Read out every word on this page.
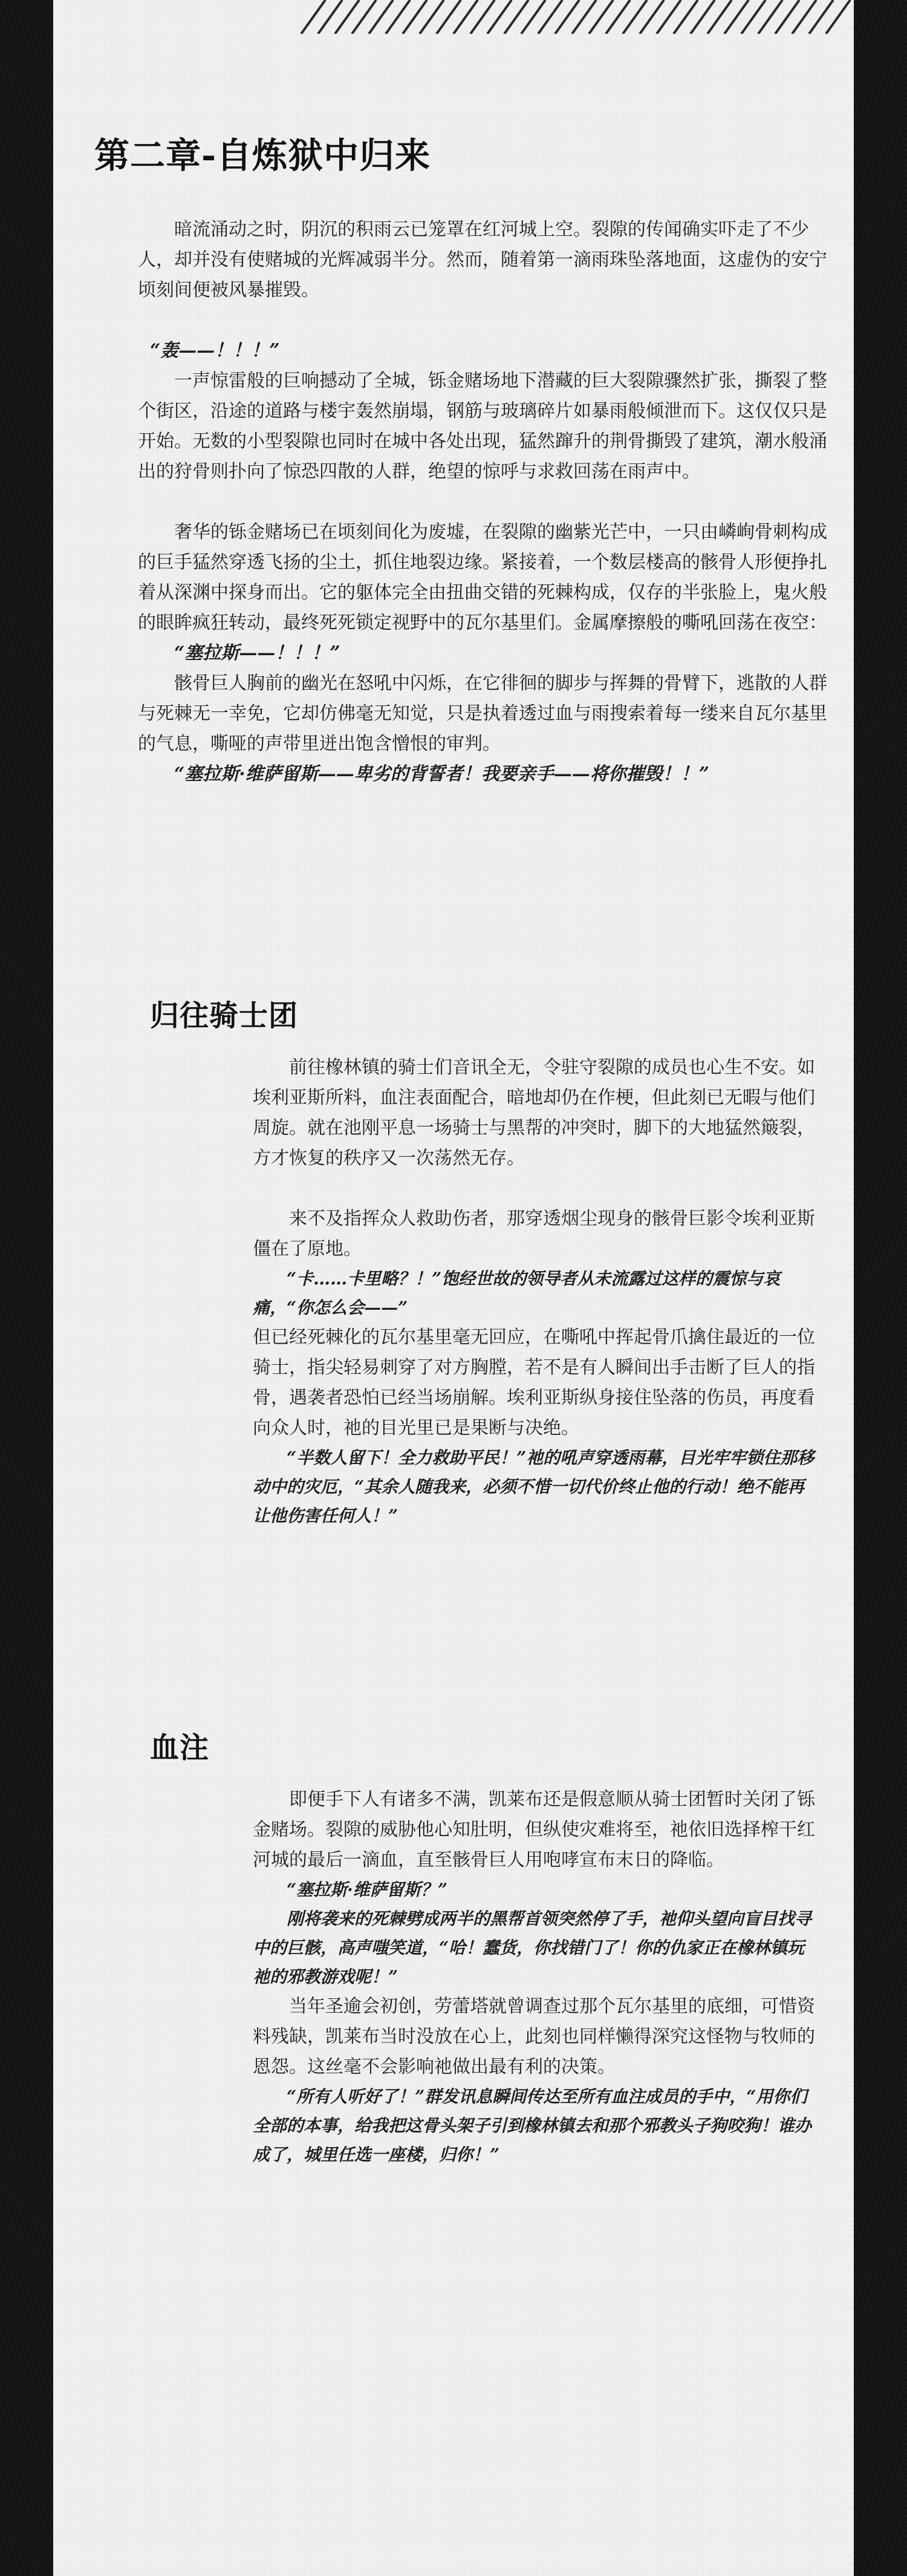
第二章-自炼狱中归来

暗流涌动之时，阴沉的积雨云已笼罩在红河城上空。裂隙的传闻确实吓走了不少人，却并没有使赌城的光辉减弱半分。然而，随着第一滴雨珠坠落地面，这虚伪的安宁顷刻间便被风暴摧毁。

“轰——！！！”

一声惊雷般的巨响撼动了全城，铄金赌场地下潜藏的巨大裂隙骤然扩张，撕裂了整个街区，沿途的道路与楼宇轰然崩塌，钢筋与玻璃碎片如暴雨般倾泄而下。这仅仅只是开始。无数的小型裂隙也同时在城中各处出现，猛然蹿升的荆骨撕毁了建筑，潮水般涌出的狩骨则扑向了惊恐四散的人群，绝望的惊呼与求救回荡在雨声中。

奢华的铄金赌场已在顷刻间化为废墟，在裂隙的幽紫光芒中，一只由嶙峋骨刺构成的巨手猛然穿透飞扬的尘土，抓住地裂边缘。紧接着，一个数层楼高的骸骨人形便挣扎着从深渊中探身而出。它的躯体完全由扭曲交错的死棘构成，仅存的半张脸上，鬼火般的眼眸疯狂转动，最终死死锁定视野中的瓦尔基里们。金属摩擦般的嘶吼回荡在夜空：

“塞拉斯——！！！”

骸骨巨人胸前的幽光在怒吼中闪烁，在它徘徊的脚步与挥舞的骨臂下，逃散的人群与死棘无一幸免，它却仿佛毫无知觉，只是执着透过血与雨搜索着每一缕来自瓦尔基里的气息，嘶哑的声带里迸出饱含憎恨的审判。

“塞拉斯·维萨留斯——卑劣的背誓者！我要亲手——将你摧毁！！”

归往骑士团

前往橡林镇的骑士们音讯全无，令驻守裂隙的成员也心生不安。如埃利亚斯所料，血注表面配合，暗地却仍在作梗，但此刻已无暇与他们周旋。就在池刚平息一场骑士与黑帮的冲突时，脚下的大地猛然簸裂，方才恢复的秩序又一次荡然无存。

来不及指挥众人救助伤者，那穿透烟尘现身的骸骨巨影令埃利亚斯僵在了原地。

“卡……卡里略？！”饱经世故的领导者从未流露过这样的震惊与哀痛，“你怎么会——”

但已经死棘化的瓦尔基里毫无回应，在嘶吼中挥起骨爪擒住最近的一位骑士，指尖轻易刺穿了对方胸膛，若不是有人瞬间出手击断了巨人的指骨，遇袭者恐怕已经当场崩解。埃利亚斯纵身接住坠落的伤员，再度看向众人时，祂的目光里已是果断与决绝。

“半数人留下！全力救助平民！”祂的吼声穿透雨幕，目光牢牢锁住那移动中的灾厄，“其余人随我来，必须不惜一切代价终止他的行动！绝不能再让他伤害任何人！”

血注

即便手下人有诸多不满，凯莱布还是假意顺从骑士团暂时关闭了铄金赌场。裂隙的威胁他心知肚明，但纵使灾难将至，祂依旧选择榨干红河城的最后一滴血，直至骸骨巨人用咆哮宣布末日的降临。

“塞拉斯·维萨留斯？”

刚将袭来的死棘劈成两半的黑帮首领突然停了手，祂仰头望向盲目找寻中的巨骸，高声嗤笑道，“哈！蠢货，你找错门了！你的仇家正在橡林镇玩祂的邪教游戏呢！”

当年圣逾会初创，劳蕾塔就曾调查过那个瓦尔基里的底细，可惜资料残缺，凯莱布当时没放在心上，此刻也同样懒得深究这怪物与牧师的恩怨。这丝毫不会影响祂做出最有利的决策。

“所有人听好了！”群发讯息瞬间传达至所有血注成员的手中，“用你们全部的本事，给我把这骨头架子引到橡林镇去和那个邪教头子狗咬狗！谁办成了，城里任选一座楼，归你！”
